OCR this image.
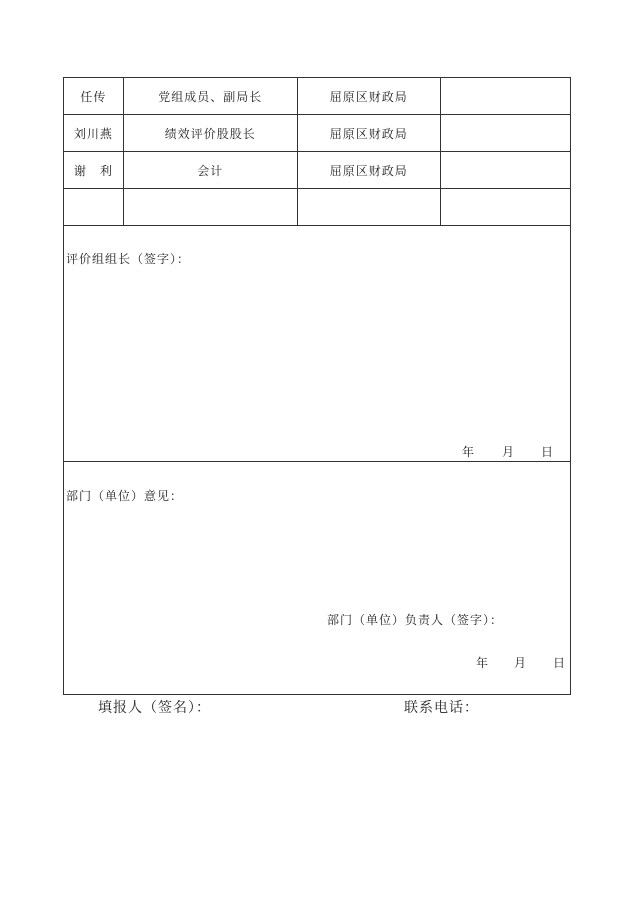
任传	党组成员、副局长	屈原区财政局	
刘川燕	绩效评价股股长	屈原区财政局	
谢　利	会计	屈原区财政局	

评价组组长（签字）：
年 月 日
部门（单位）意见：
部门（单位）负责人（签字）：
年 月 日
填报人（签名）：	联系电话：
